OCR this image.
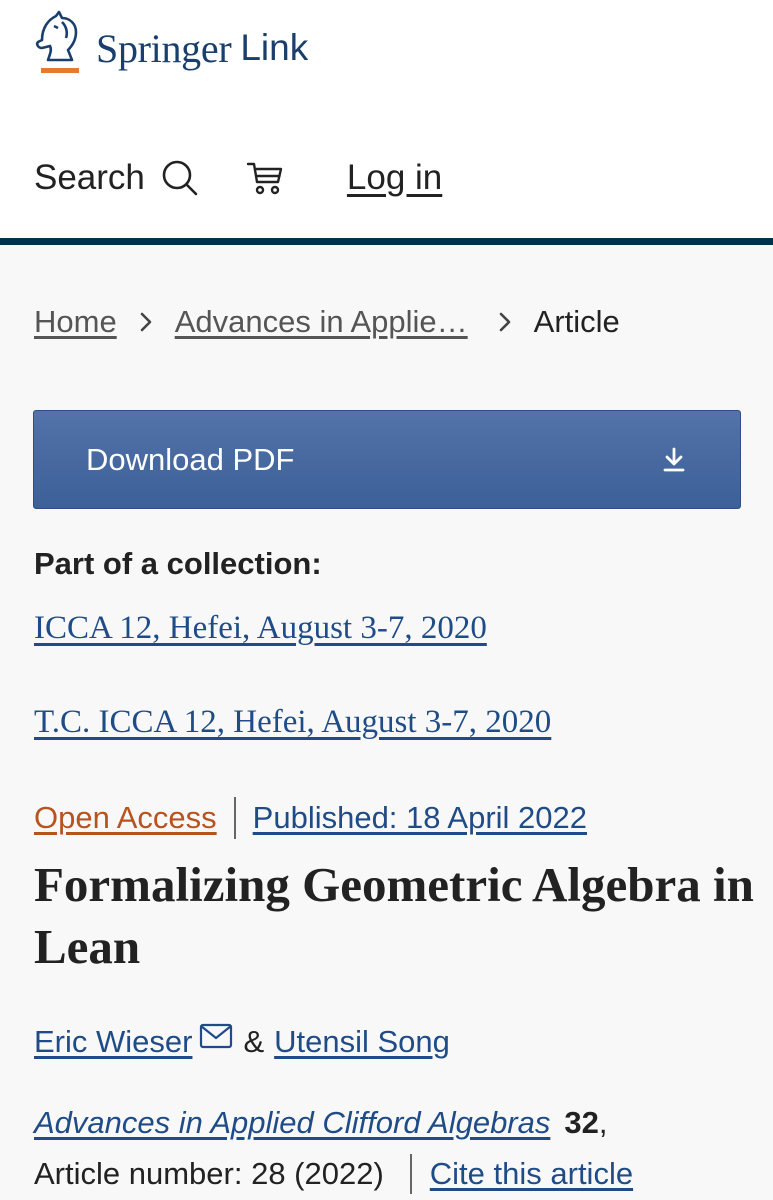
Springer Link
Search	Log in
Home Advances in Applie… Article
Download PDF
Part of a collection:
ICCA 12, Hefei, August 3-7, 2020
T.C. ICCA 12, Hefei, August 3-7, 2020
Open Access Published: 18 April 2022
Formalizing Geometric Algebra in Lean
Eric Wieser & Utensil Song
Advances in Applied Clifford Algebras 32,
Article number: 28 (2022) Cite this article
